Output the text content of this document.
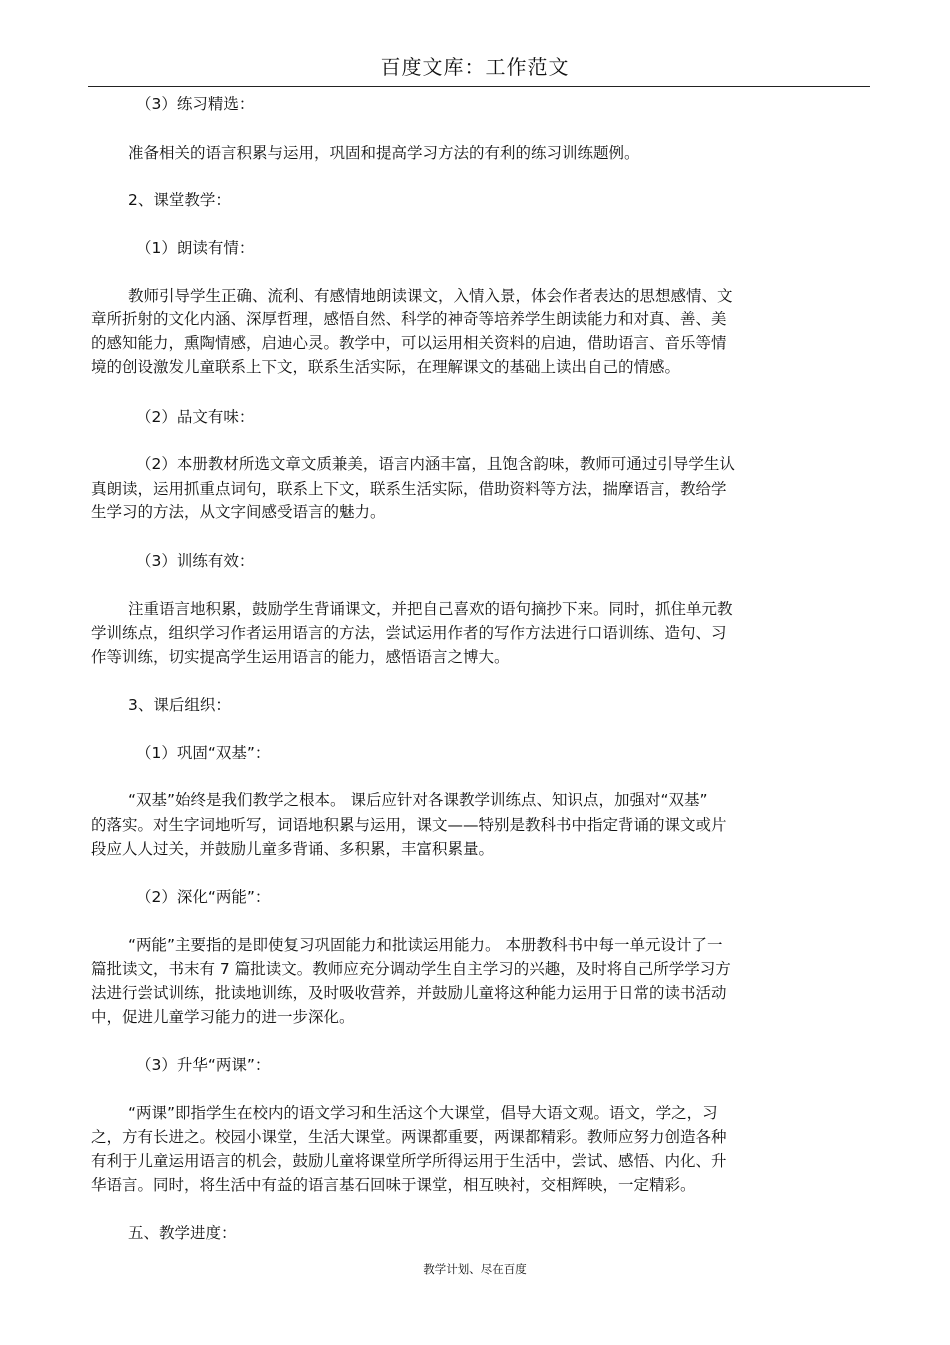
百度文库：工作范文
（3）练习精选：
准备相关的语言积累与运用，巩固和提高学习方法的有利的练习训练题例。
2、课堂教学：
（1）朗读有情：
教师引导学生正确、流利、有感情地朗读课文，入情入景，体会作者表达的思想感情、文
章所折射的文化内涵、深厚哲理，感悟自然、科学的神奇等培养学生朗读能力和对真、善、美
的感知能力，熏陶情感，启迪心灵。教学中，可以运用相关资料的启迪，借助语言、音乐等情
境的创设激发儿童联系上下文，联系生活实际，在理解课文的基础上读出自己的情感。
（2）品文有味：
（2）本册教材所选文章文质兼美，语言内涵丰富，且饱含韵味，教师可通过引导学生认
真朗读，运用抓重点词句，联系上下文，联系生活实际，借助资料等方法，揣摩语言，教给学
生学习的方法，从文字间感受语言的魅力。
（3）训练有效：
注重语言地积累，鼓励学生背诵课文，并把自己喜欢的语句摘抄下来。同时，抓住单元教
学训练点，组织学习作者运用语言的方法，尝试运用作者的写作方法进行口语训练、造句、习
作等训练，切实提高学生运用语言的能力，感悟语言之博大。
3、课后组织：
（1）巩固“双基”：
“双基”始终是我们教学之根本。 课后应针对各课教学训练点、知识点，加强对“双基”
的落实。对生字词地听写，词语地积累与运用，课文——特别是教科书中指定背诵的课文或片
段应人人过关，并鼓励儿童多背诵、多积累，丰富积累量。
（2）深化“两能”：
“两能”主要指的是即使复习巩固能力和批读运用能力。 本册教科书中每一单元设计了一
篇批读文，书末有 7 篇批读文。教师应充分调动学生自主学习的兴趣，及时将自己所学学习方
法进行尝试训练，批读地训练，及时吸收营养，并鼓励儿童将这种能力运用于日常的读书活动
中，促进儿童学习能力的进一步深化。
（3）升华“两课”：
“两课”即指学生在校内的语文学习和生活这个大课堂，倡导大语文观。语文，学之，习
之，方有长进之。校园小课堂，生活大课堂。两课都重要，两课都精彩。教师应努力创造各种
有利于儿童运用语言的机会，鼓励儿童将课堂所学所得运用于生活中，尝试、感悟、内化、升
华语言。同时，将生活中有益的语言基石回味于课堂，相互映衬，交相辉映，一定精彩。
五、教学进度：
教学计划、尽在百度
